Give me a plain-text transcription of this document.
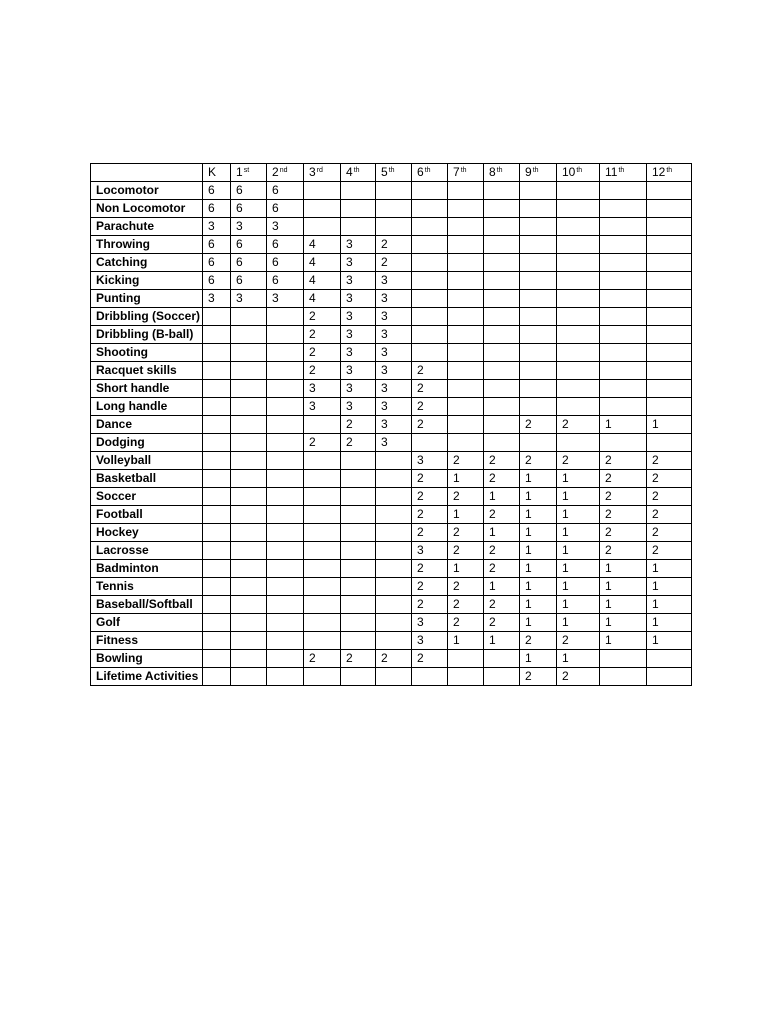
	K	1st	2nd	3rd	4th	5th	6th	7th	8th	9th	10th	11th	12th
Locomotor	6	6	6										
Non Locomotor	6	6	6										
Parachute	3	3	3										
Throwing	6	6	6	4	3	2							
Catching	6	6	6	4	3	2							
Kicking	6	6	6	4	3	3							
Punting	3	3	3	4	3	3							
Dribbling (Soccer)				2	3	3							
Dribbling (B-ball)				2	3	3							
Shooting				2	3	3							
Racquet skills				2	3	3	2						
Short handle				3	3	3	2						
Long handle				3	3	3	2						
Dance					2	3	2			2	2	1	1
Dodging				2	2	3							
Volleyball							3	2	2	2	2	2	2
Basketball							2	1	2	1	1	2	2
Soccer							2	2	1	1	1	2	2
Football							2	1	2	1	1	2	2
Hockey							2	2	1	1	1	2	2
Lacrosse							3	2	2	1	1	2	2
Badminton							2	1	2	1	1	1	1
Tennis							2	2	1	1	1	1	1
Baseball/Softball							2	2	2	1	1	1	1
Golf							3	2	2	1	1	1	1
Fitness							3	1	1	2	2	1	1
Bowling				2	2	2	2			1	1		
Lifetime Activities										2	2		
